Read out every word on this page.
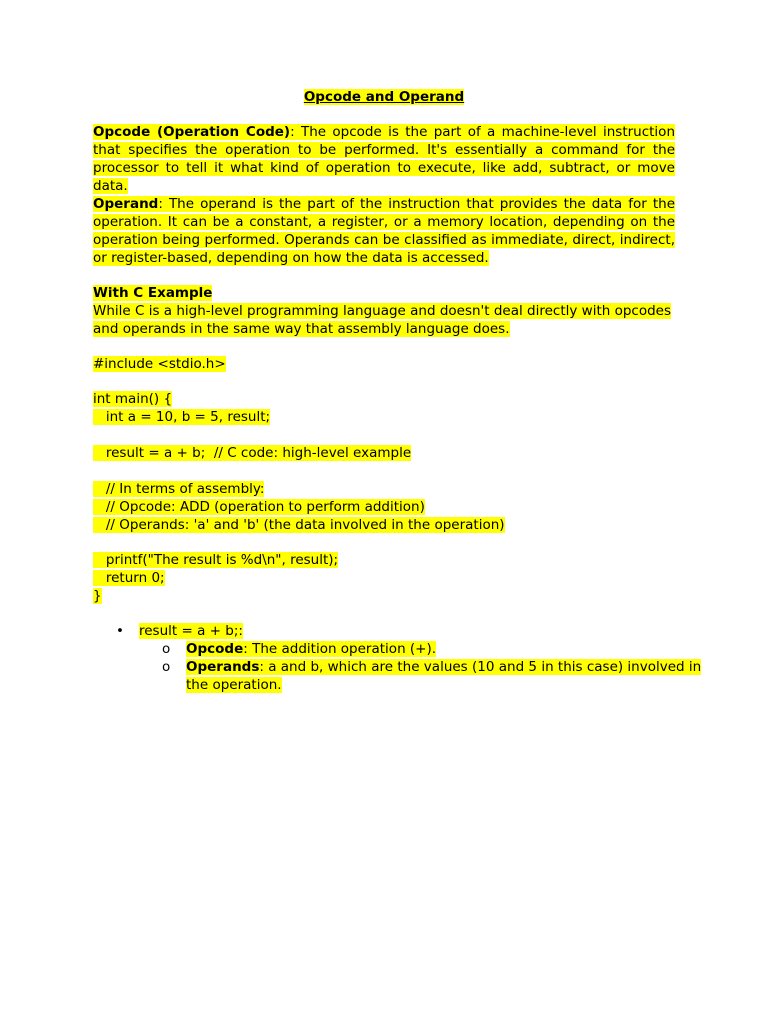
Opcode and Operand
Opcode (Operation Code): The opcode is the part of a machine-level instruction that specifies the operation to be performed. It's essentially a command for the processor to tell it what kind of operation to execute, like add, subtract, or move data.
Operand: The operand is the part of the instruction that provides the data for the operation. It can be a constant, a register, or a memory location, depending on the operation being performed. Operands can be classified as immediate, direct, indirect, or register-based, depending on how the data is accessed.
With C Example
While C is a high-level programming language and doesn't deal directly with opcodes and operands in the same way that assembly language does.
#include <stdio.h>
int main() {
int a = 10, b = 5, result;
result = a + b;  // C code: high-level example
// In terms of assembly:
// Opcode: ADD (operation to perform addition)
// Operands: 'a' and 'b' (the data involved in the operation)
printf("The result is %d\n", result);
return 0;
}
• result = a + b;:
o Opcode: The addition operation (+).
o Operands: a and b, which are the values (10 and 5 in this case) involved in
the operation.
